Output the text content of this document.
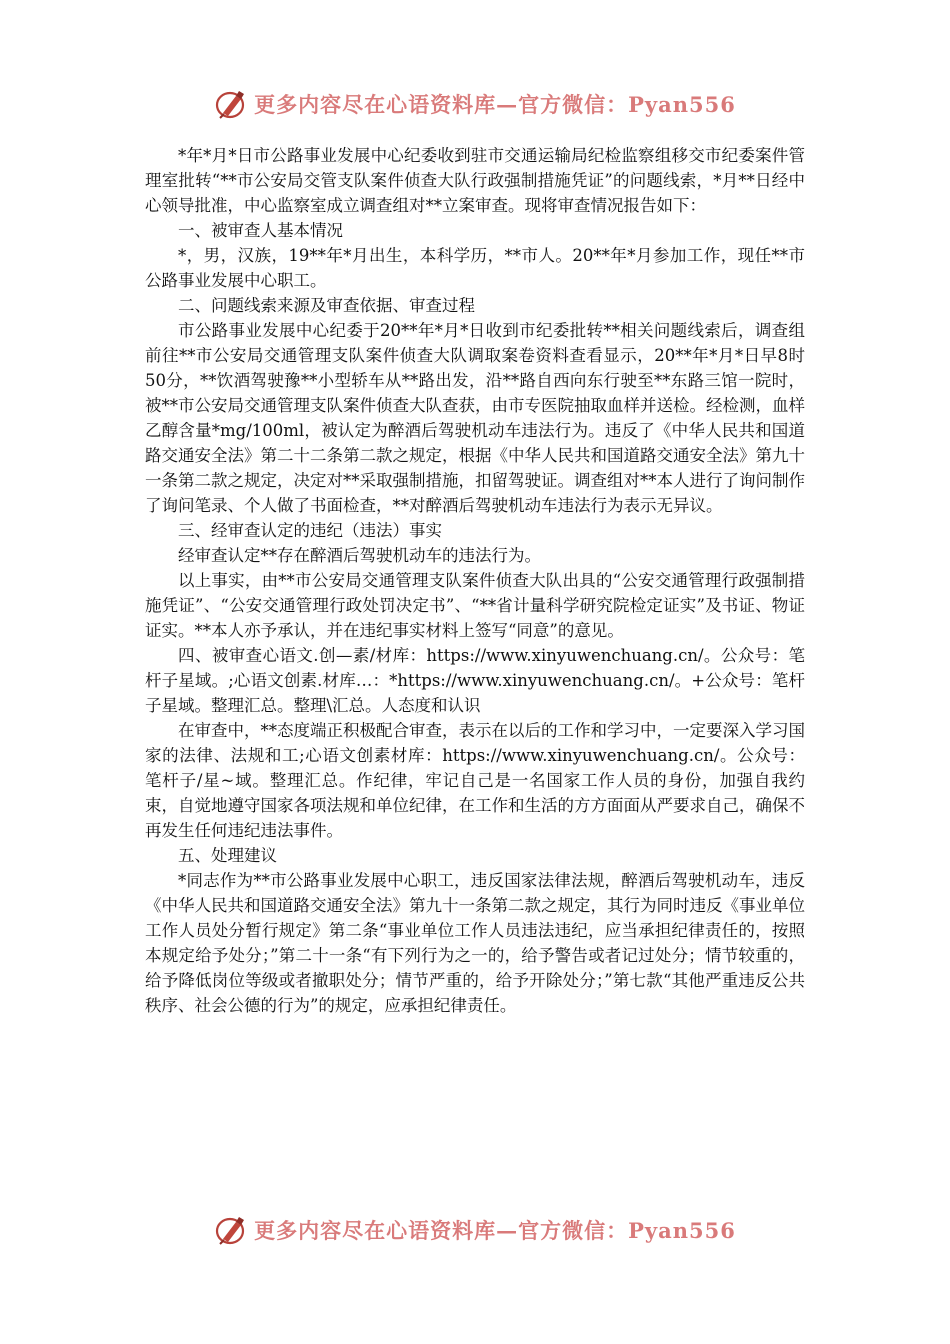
更多内容尽在心语资料库—官方微信：Pyan556

*年*月*日市公路事业发展中心纪委收到驻市交通运输局纪检监察组移交市纪委案件管理室批转“**市公安局交管支队案件侦查大队行政强制措施凭证”的问题线索，*月**日经中心领导批准，中心监察室成立调查组对**立案审查。现将审查情况报告如下：

一、被审查人基本情况

*，男，汉族，19**年*月出生，本科学历，**市人。20**年*月参加工作，现任**市公路事业发展中心职工。

二、问题线索来源及审查依据、审查过程

市公路事业发展中心纪委于20**年*月*日收到市纪委批转**相关问题线索后，调查组前往**市公安局交通管理支队案件侦查大队调取案卷资料查看显示，20**年*月*日早8时50分，**饮酒驾驶豫**小型轿车从**路出发，沿**路自西向东行驶至**东路三馆一院时，被**市公安局交通管理支队案件侦查大队查获，由市专医院抽取血样并送检。经检测，血样乙醇含量*mg/100ml，被认定为醉酒后驾驶机动车违法行为。违反了《中华人民共和国道路交通安全法》第二十二条第二款之规定，根据《中华人民共和国道路交通安全法》第九十一条第二款之规定，决定对**采取强制措施，扣留驾驶证。调查组对**本人进行了询问制作了询问笔录、个人做了书面检查，**对醉酒后驾驶机动车违法行为表示无异议。

三、经审查认定的违纪（违法）事实

经审查认定**存在醉酒后驾驶机动车的违法行为。

以上事实，由**市公安局交通管理支队案件侦查大队出具的“公安交通管理行政强制措施凭证”、“公安交通管理行政处罚决定书”、“**省计量科学研究院检定证实”及书证、物证证实。**本人亦予承认，并在违纪事实材料上签写“同意”的意见。

四、被审查心语文.创—素/材库：https://www.xinyuwenchuang.cn/。公众号：笔杆子星域。;心语文创素.材库…：*https://www.xinyuwenchuang.cn/。+公众号：笔杆子星域。整理汇总。整理\汇总。人态度和认识

在审查中，**态度端正积极配合审查，表示在以后的工作和学习中，一定要深入学习国家的法律、法规和工;心语文创素材库：https://www.xinyuwenchuang.cn/。公众号：笔杆子/星~域。整理汇总。作纪律，牢记自己是一名国家工作人员的身份，加强自我约束，自觉地遵守国家各项法规和单位纪律，在工作和生活的方方面面从严要求自己，确保不再发生任何违纪违法事件。

五、处理建议

*同志作为**市公路事业发展中心职工，违反国家法律法规，醉酒后驾驶机动车，违反《中华人民共和国道路交通安全法》第九十一条第二款之规定，其行为同时违反《事业单位工作人员处分暂行规定》第二条“事业单位工作人员违法违纪，应当承担纪律责任的，按照本规定给予处分；”第二十一条“有下列行为之一的，给予警告或者记过处分；情节较重的，给予降低岗位等级或者撤职处分；情节严重的，给予开除处分；”第七款“其他严重违反公共秩序、社会公德的行为”的规定，应承担纪律责任。

更多内容尽在心语资料库—官方微信：Pyan556
